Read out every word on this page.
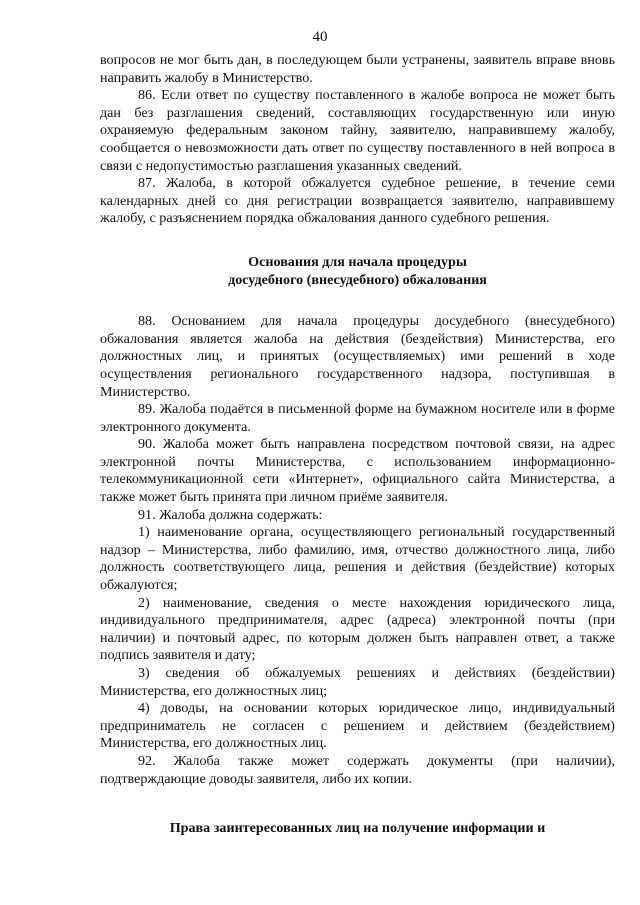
40

вопросов не мог быть дан, в последующем были устранены, заявитель вправе вновь направить жалобу в Министерство.

86. Если ответ по существу поставленного в жалобе вопроса не может быть дан без разглашения сведений, составляющих государственную или иную охраняемую федеральным законом тайну, заявителю, направившему жалобу, сообщается о невозможности дать ответ по существу поставленного в ней вопроса в связи с недопустимостью разглашения указанных сведений.

87. Жалоба, в которой обжалуется судебное решение, в течение семи календарных дней со дня регистрации возвращается заявителю, направившему жалобу, с разъяснением порядка обжалования данного судебного решения.

Основания для начала процедуры
досудебного (внесудебного) обжалования

88. Основанием для начала процедуры досудебного (внесудебного) обжалования является жалоба на действия (бездействия) Министерства, его должностных лиц, и принятых (осуществляемых) ими решений в ходе осуществления регионального государственного надзора, поступившая в Министерство.

89. Жалоба подаётся в письменной форме на бумажном носителе или в форме электронного документа.

90. Жалоба может быть направлена посредством почтовой связи, на адрес электронной почты Министерства, с использованием информационно-телекоммуникационной сети «Интернет», официального сайта Министерства, а также может быть принята при личном приёме заявителя.

91. Жалоба должна содержать:

1) наименование органа, осуществляющего региональный государственный надзор – Министерства, либо фамилию, имя, отчество должностного лица, либо должность соответствующего лица, решения и действия (бездействие) которых обжалуются;

2) наименование, сведения о месте нахождения юридического лица, индивидуального предпринимателя, адрес (адреса) электронной почты (при наличии) и почтовый адрес, по которым должен быть направлен ответ, а также подпись заявителя и дату;

3) сведения об обжалуемых решениях и действиях (бездействии) Министерства, его должностных лиц;

4) доводы, на основании которых юридическое лицо, индивидуальный предприниматель не согласен с решением и действием (бездействием) Министерства, его должностных лиц.

92. Жалоба также может содержать документы (при наличии), подтверждающие доводы заявителя, либо их копии.

Права заинтересованных лиц на получение информации и
